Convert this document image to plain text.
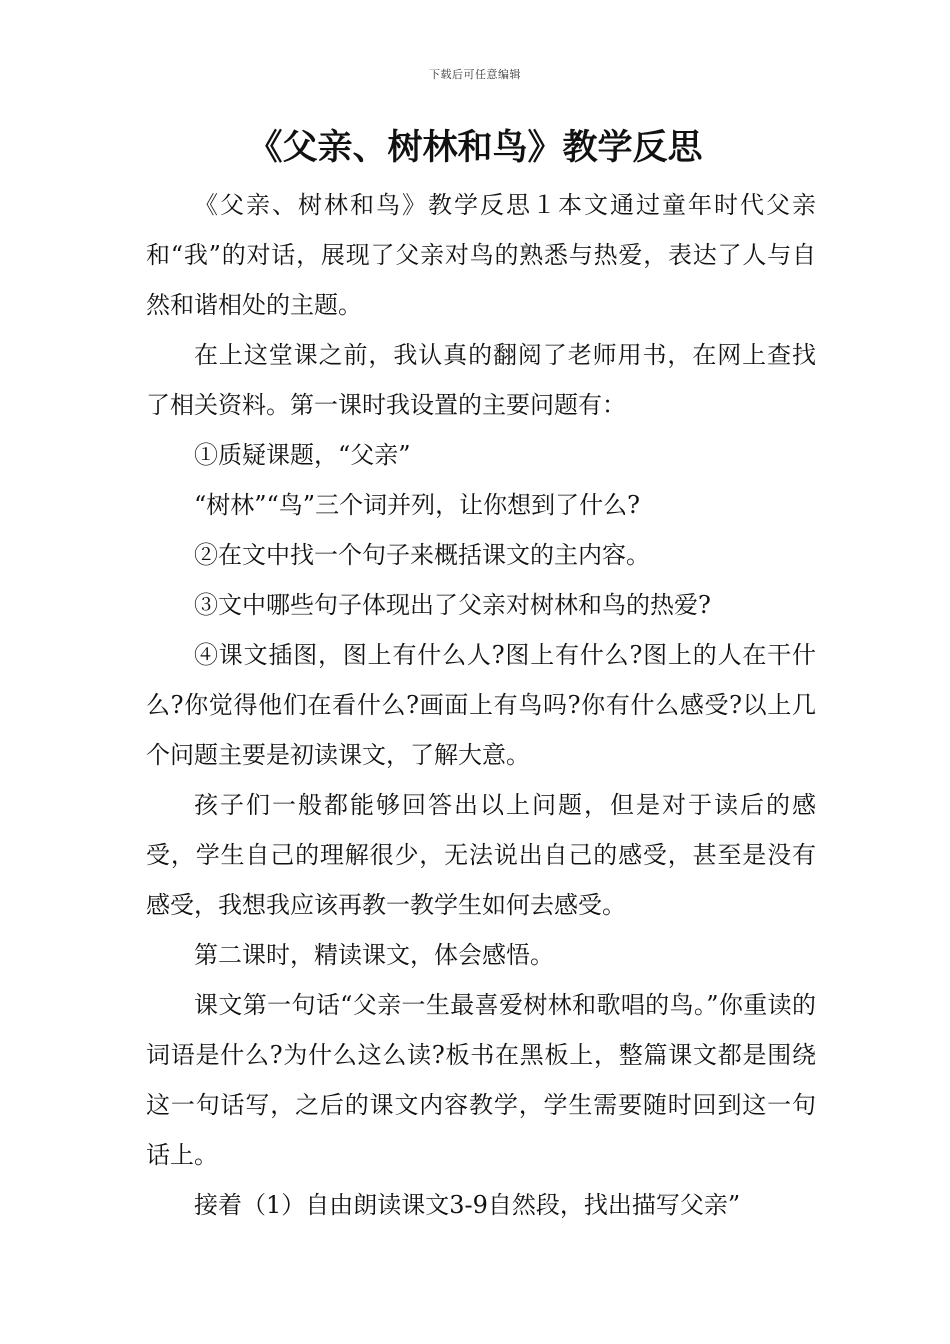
下载后可任意编辑
《父亲、树林和鸟》教学反思

《父亲、树林和鸟》教学反思１本文通过童年时代父亲和“我”的对话，展现了父亲对鸟的熟悉与热爱，表达了人与自然和谐相处的主题。

在上这堂课之前，我认真的翻阅了老师用书，在网上查找了相关资料。第一课时我设置的主要问题有：

①质疑课题，“父亲”

“树林”“鸟”三个词并列，让你想到了什么?

②在文中找一个句子来概括课文的主内容。

③文中哪些句子体现出了父亲对树林和鸟的热爱?

④课文插图，图上有什么人?图上有什么?图上的人在干什么?你觉得他们在看什么?画面上有鸟吗?你有什么感受?以上几个问题主要是初读课文，了解大意。

孩子们一般都能够回答出以上问题，但是对于读后的感受，学生自己的理解很少，无法说出自己的感受，甚至是没有感受，我想我应该再教一教学生如何去感受。

第二课时，精读课文，体会感悟。

课文第一句话“父亲一生最喜爱树林和歌唱的鸟。”你重读的词语是什么?为什么这么读?板书在黑板上，整篇课文都是围绕这一句话写，之后的课文内容教学，学生需要随时回到这一句话上。

接着（1）自由朗读课文3-9自然段，找出描写父亲”
